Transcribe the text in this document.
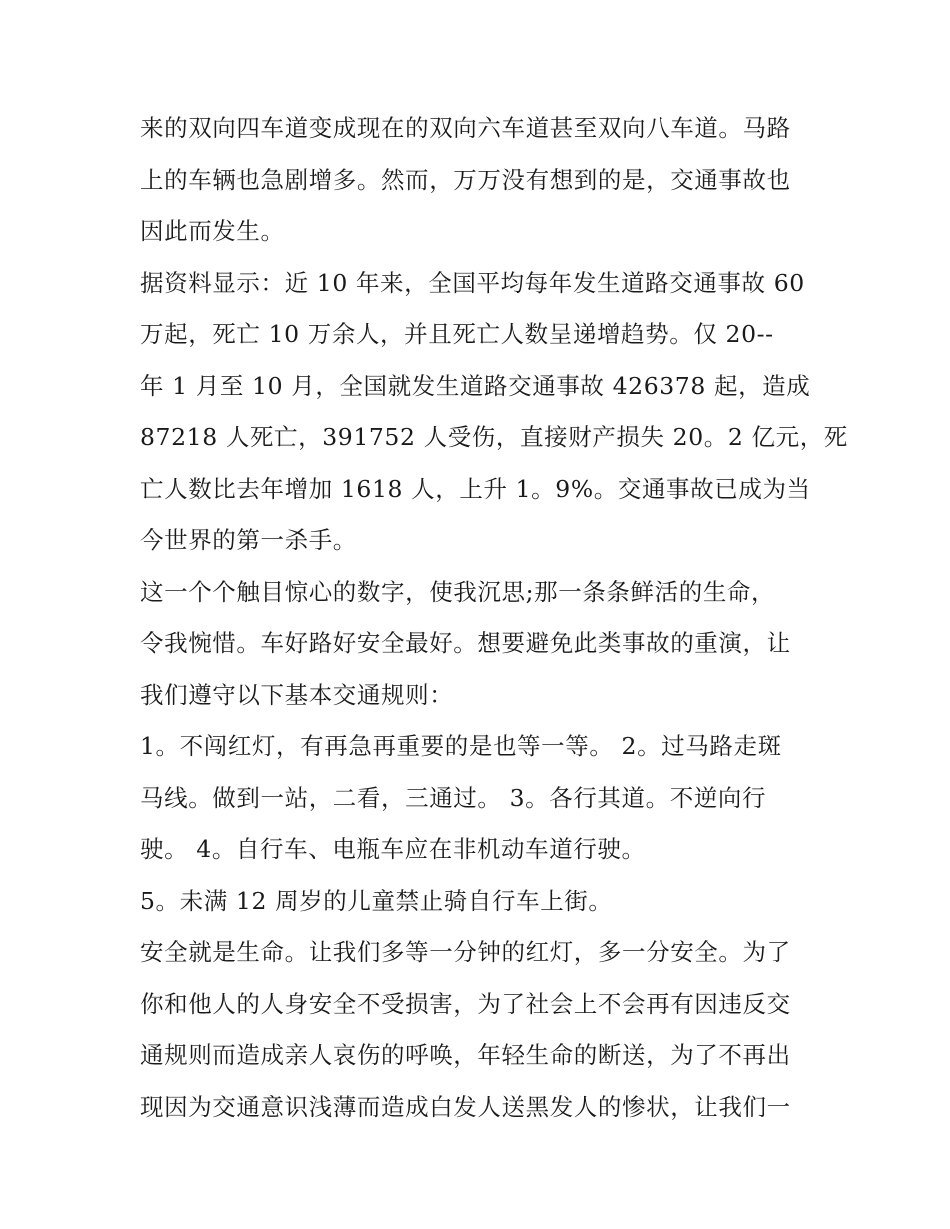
来的双向四车道变成现在的双向六车道甚至双向八车道。马路
上的车辆也急剧增多。然而，万万没有想到的是，交通事故也
因此而发生。
据资料显示：近 10 年来，全国平均每年发生道路交通事故 60
万起，死亡 10 万余人，并且死亡人数呈递增趋势。仅 20--
年 1 月至 10 月，全国就发生道路交通事故 426378 起，造成
87218 人死亡，391752 人受伤，直接财产损失 20。2 亿元，死
亡人数比去年增加 1618 人，上升 1。9%。交通事故已成为当
今世界的第一杀手。
这一个个触目惊心的数字，使我沉思;那一条条鲜活的生命，
令我惋惜。车好路好安全最好。想要避免此类事故的重演，让
我们遵守以下基本交通规则：
1。不闯红灯，有再急再重要的是也等一等。 2。过马路走斑
马线。做到一站，二看，三通过。 3。各行其道。不逆向行
驶。 4。自行车、电瓶车应在非机动车道行驶。
5。未满 12 周岁的儿童禁止骑自行车上街。
安全就是生命。让我们多等一分钟的红灯，多一分安全。为了
你和他人的人身安全不受损害，为了社会上不会再有因违反交
通规则而造成亲人哀伤的呼唤，年轻生命的断送，为了不再出
现因为交通意识浅薄而造成白发人送黑发人的惨状，让我们一
